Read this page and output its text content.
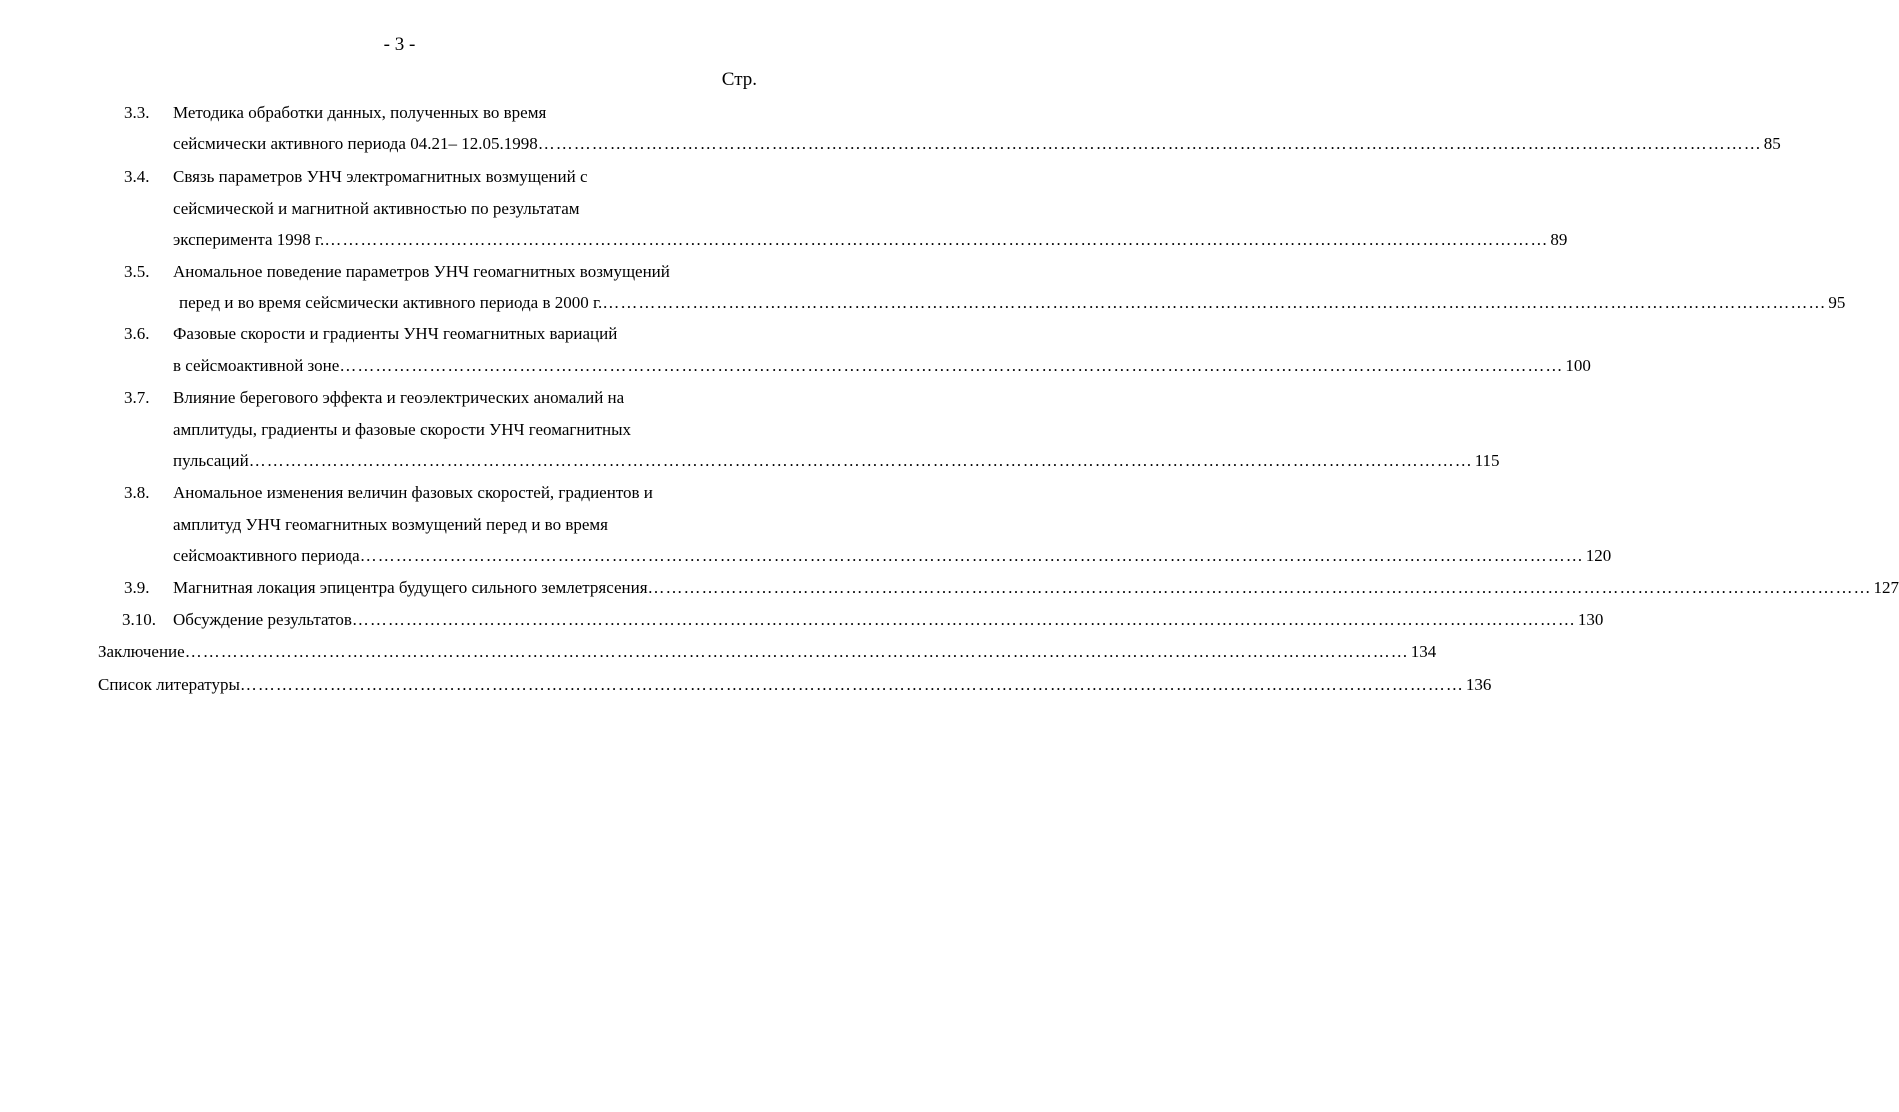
- 3 -
Стр.
3.3. Методика обработки данных, полученных во время
сейсмически активного периода 04.21– 12.05.1998 …………………………………………………………………………………………………………………………………………………………………………………… 85
3.4. Связь параметров УНЧ электромагнитных возмущений с
сейсмической и магнитной активностью по результатам
эксперимента 1998 г. …………………………………………………………………………………………………………………………………………………………………………………… 89
3.5. Аномальное поведение параметров УНЧ геомагнитных возмущений
перед и во время сейсмически активного периода в 2000 г. …………………………………………………………………………………………………………………………………………………………………………………… 95
3.6. Фазовые скорости и градиенты УНЧ геомагнитных вариаций
в сейсмоактивной зоне …………………………………………………………………………………………………………………………………………………………………………………… 100
3.7. Влияние берегового эффекта и геоэлектрических аномалий на
амплитуды, градиенты и фазовые скорости УНЧ геомагнитных
пульсаций …………………………………………………………………………………………………………………………………………………………………………………… 115
3.8. Аномальное изменения величин фазовых скоростей, градиентов и
амплитуд УНЧ геомагнитных возмущений перед и во время
сейсмоактивного периода …………………………………………………………………………………………………………………………………………………………………………………… 120
3.9. Магнитная локация эпицентра будущего сильного землетрясения …………………………………………………………………………………………………………………………………………………………………………………… 127
3.10. Обсуждение результатов …………………………………………………………………………………………………………………………………………………………………………………… 130
Заключение …………………………………………………………………………………………………………………………………………………………………………………… 134
Список литературы …………………………………………………………………………………………………………………………………………………………………………………… 136
